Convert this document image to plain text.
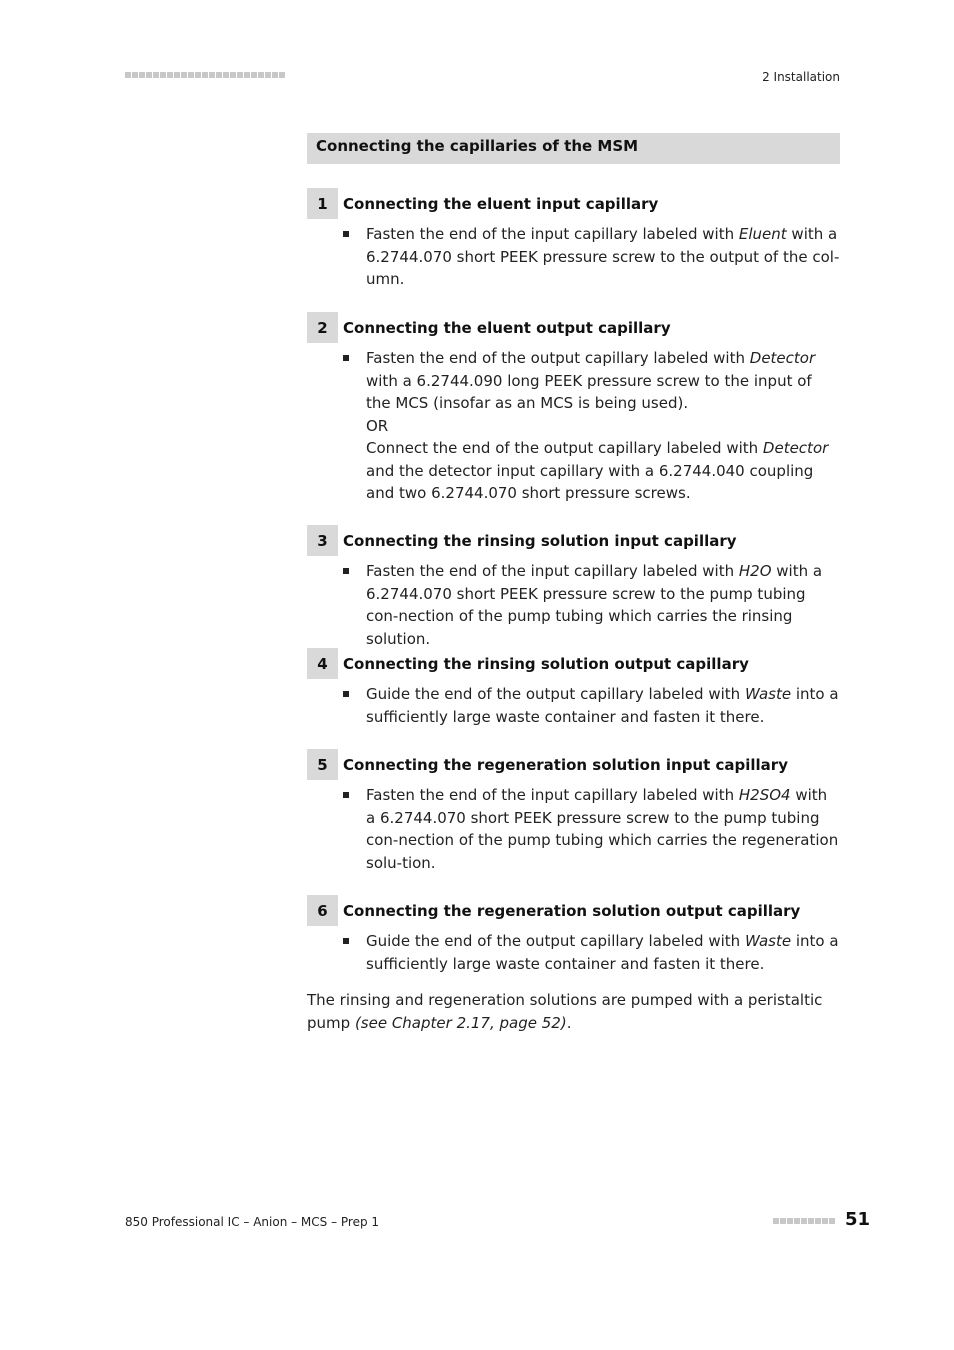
2 Installation
Connecting the capillaries of the MSM
1	Connecting the eluent input capillary
Fasten the end of the input capillary labeled with Eluent with a 6.2744.070 short PEEK pressure screw to the output of the col-umn.
2	Connecting the eluent output capillary

Fasten the end of the output capillary labeled with Detector with a 6.2744.090 long PEEK pressure screw to the input of the MCS (insofar as an MCS is being used).

OR

Connect the end of the output capillary labeled with Detector and the detector input capillary with a 6.2744.040 coupling and two 6.2744.070 short pressure screws.

3	Connecting the rinsing solution input capillary
Fasten the end of the input capillary labeled with H2O with a 6.2744.070 short PEEK pressure screw to the pump tubing con-nection of the pump tubing which carries the rinsing solution.
4	Connecting the rinsing solution output capillary
Guide the end of the output capillary labeled with Waste into a sufficiently large waste container and fasten it there.
5	Connecting the regeneration solution input capillary
Fasten the end of the input capillary labeled with H2SO4 with a 6.2744.070 short PEEK pressure screw to the pump tubing con-nection of the pump tubing which carries the regeneration solu-tion.
6	Connecting the regeneration solution output capillary
Guide the end of the output capillary labeled with Waste into a sufficiently large waste container and fasten it there.
The rinsing and regeneration solutions are pumped with a peristaltic pump (see Chapter 2.17, page 52).
850 Professional IC – Anion – MCS – Prep 1	51
